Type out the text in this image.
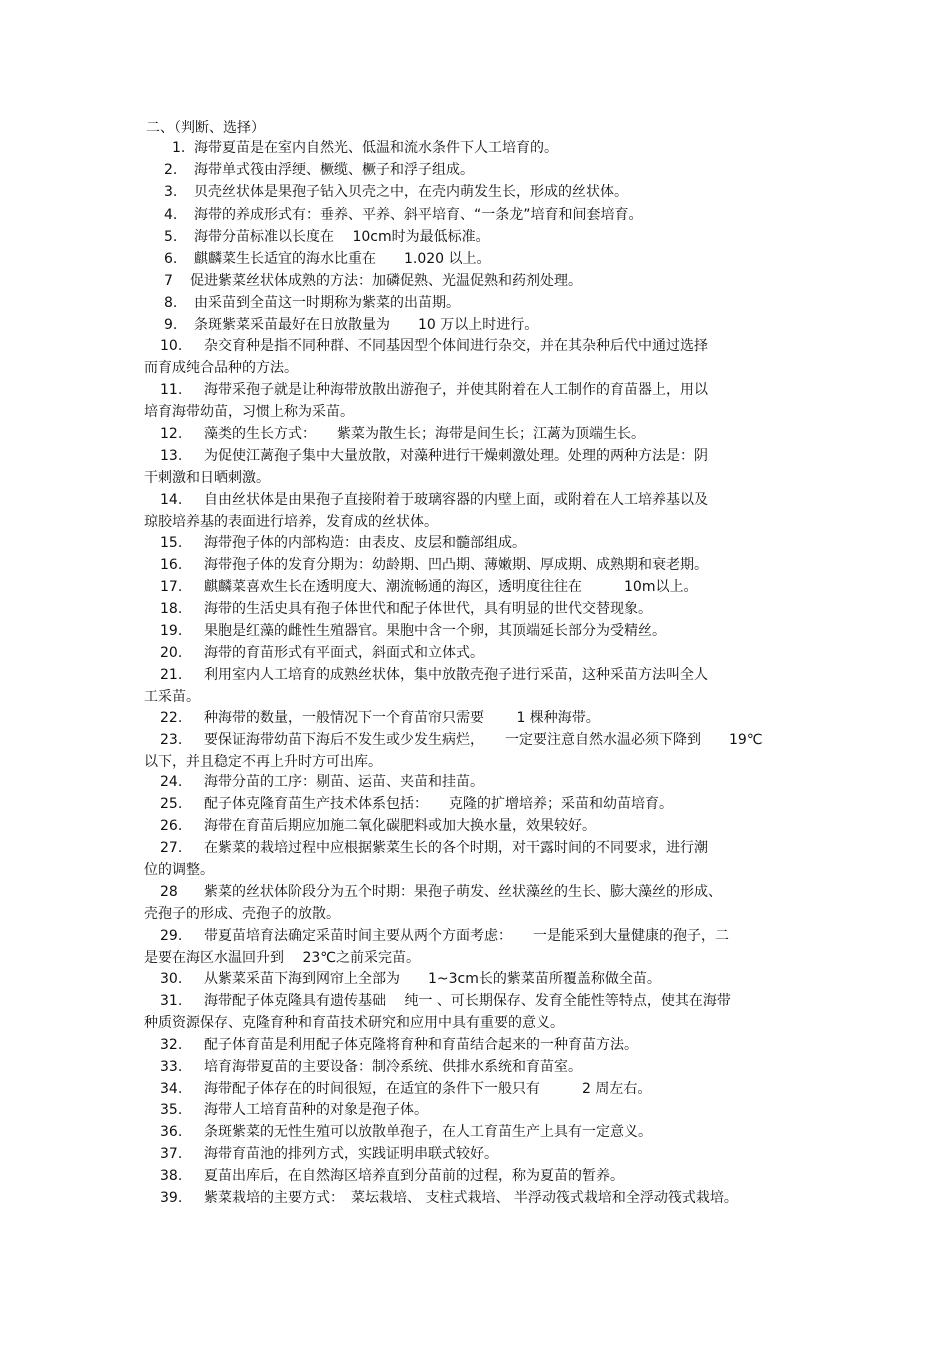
二、（判断、选择）
1. 海带夏苗是在室内自然光、低温和流水条件下人工培育的。
2. 海带单式筏由浮绠、橛缆、橛子和浮子组成。
3. 贝壳丝状体是果孢子钻入贝壳之中，在壳内萌发生长，形成的丝状体。
4. 海带的养成形式有：垂养、平养、斜平培育、“一条龙”培育和间套培育。
5. 海带分苗标准以长度在　 10cm时为最低标准。
6. 麒麟菜生长适宜的海水比重在　　1.020 以上。
7 促进紫菜丝状体成熟的方法：加磷促熟、光温促熟和药剂处理。
8. 由采苗到全苗这一时期称为紫菜的出苗期。
9. 条斑紫菜采苗最好在日放散量为　　10 万以上时进行。
10. 杂交育种是指不同种群、不同基因型个体间进行杂交，并在其杂种后代中通过选择
而育成纯合品种的方法。
11. 海带采孢子就是让种海带放散出游孢子，并使其附着在人工制作的育苗器上，用以
培育海带幼苗，习惯上称为采苗。
12. 藻类的生长方式：　　紫菜为散生长；海带是间生长；江蓠为顶端生长。
13. 为促使江蓠孢子集中大量放散，对藻种进行干燥刺激处理。处理的两种方法是：阴
干刺激和日晒刺激。
14. 自由丝状体是由果孢子直接附着于玻璃容器的内壁上面，或附着在人工培养基以及
琼胶培养基的表面进行培养，发育成的丝状体。
15. 海带孢子体的内部构造：由表皮、皮层和髓部组成。
16. 海带孢子体的发育分期为：幼龄期、凹凸期、薄嫩期、厚成期、成熟期和衰老期。
17. 麒麟菜喜欢生长在透明度大、潮流畅通的海区，透明度往往在　　　10m以上。
18. 海带的生活史具有孢子体世代和配子体世代，具有明显的世代交替现象。
19. 果胞是红藻的雌性生殖器官。果胞中含一个卵，其顶端延长部分为受精丝。
20. 海带的育苗形式有平面式，斜面式和立体式。
21. 利用室内人工培育的成熟丝状体，集中放散壳孢子进行采苗，这种采苗方法叫全人
工采苗。
22. 种海带的数量，一般情况下一个育苗帘只需要　　 1 棵种海带。
23. 要保证海带幼苗下海后不发生或少发生病烂，　　一定要注意自然水温必须下降到　　19℃
以下，并且稳定不再上升时方可出库。
24. 海带分苗的工序：剔苗、运苗、夹苗和挂苗。
25. 配子体克隆育苗生产技术体系包括：　　克隆的扩增培养；采苗和幼苗培育。
26. 海带在育苗后期应加施二氧化碳肥料或加大换水量，效果较好。
27. 在紫菜的栽培过程中应根据紫菜生长的各个时期，对干露时间的不同要求，进行潮
位的调整。
28 紫菜的丝状体阶段分为五个时期：果孢子萌发、丝状藻丝的生长、膨大藻丝的形成、
壳孢子的形成、壳孢子的放散。
29. 带夏苗培育法确定采苗时间主要从两个方面考虑：　　一是能采到大量健康的孢子，二
是要在海区水温回升到　 23℃之前采完苗。
30. 从紫菜采苗下海到网帘上全部为　　1~3cm长的紫菜苗所覆盖称做全苗。
31. 海带配子体克隆具有遗传基础　 纯一 、可长期保存、发育全能性等特点，使其在海带
种质资源保存、克隆育种和育苗技术研究和应用中具有重要的意义。
32. 配子体育苗是利用配子体克隆将育种和育苗结合起来的一种育苗方法。
33. 培育海带夏苗的主要设备：制冷系统、供排水系统和育苗室。
34. 海带配子体存在的时间很短，在适宜的条件下一般只有　　　2 周左右。
35. 海带人工培育苗种的对象是孢子体。
36. 条斑紫菜的无性生殖可以放散单孢子，在人工育苗生产上具有一定意义。
37. 海带育苗池的排列方式，实践证明串联式较好。
38. 夏苗出库后，在自然海区培养直到分苗前的过程，称为夏苗的暂养。
39. 紫菜栽培的主要方式：　菜坛栽培、 支柱式栽培、 半浮动筏式栽培和全浮动筏式栽培。
